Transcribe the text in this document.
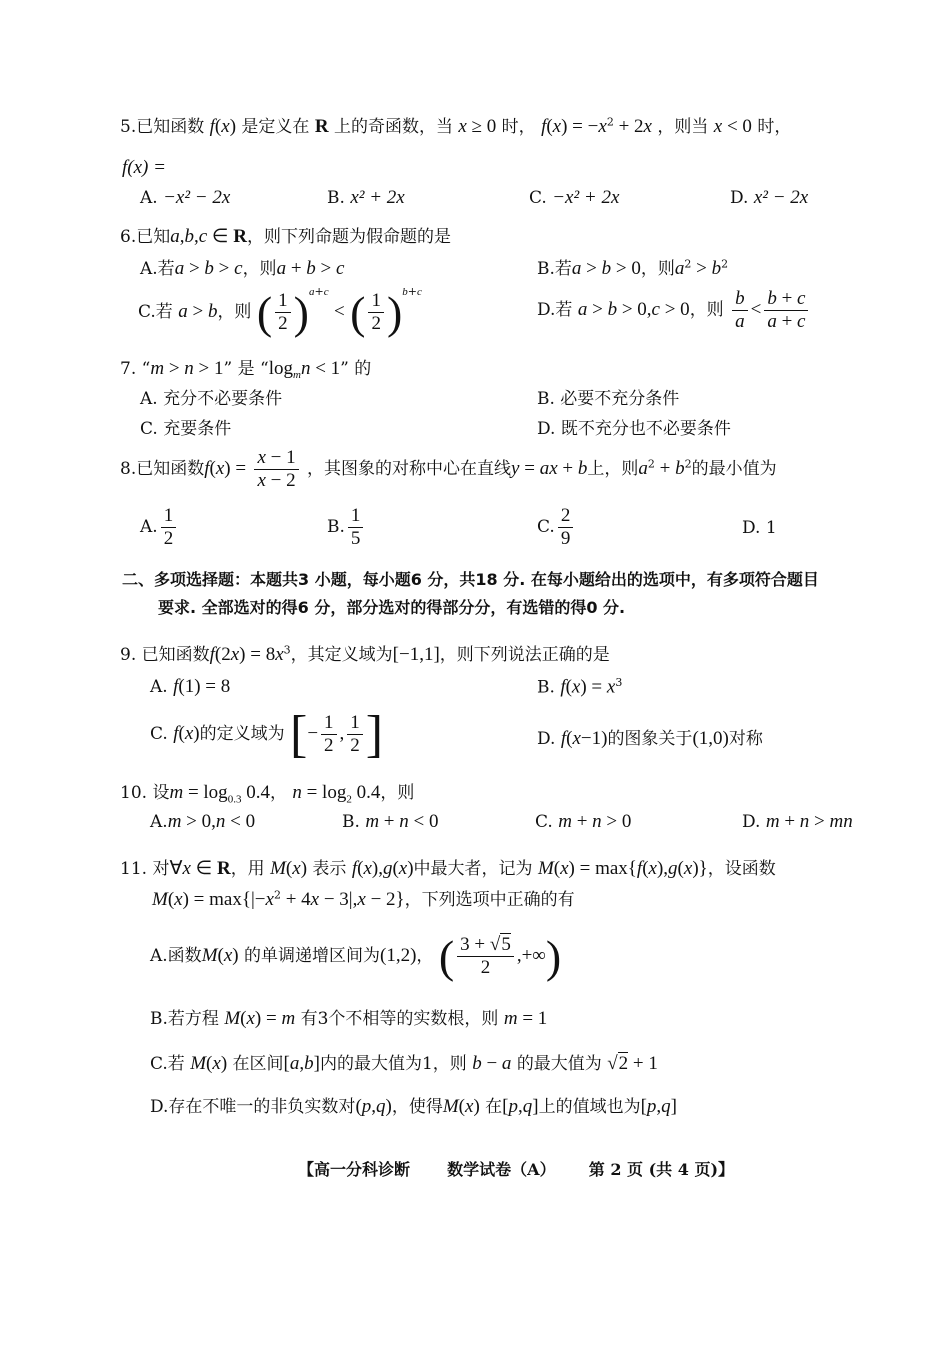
5.已知函数 f(x) 是定义在 R 上的奇函数，当 x ≥ 0 时， $f(x) = -x^2 + 2x$ ，则当 x < 0 时，
f(x) =
A. −x² − 2x	B. x² + 2x	C. −x² + 2x	D. x² − 2x
6.已知a,b,c ∈ R，则下列命题为假命题的是
A.若a > b > c，则a + b > c	B.若a > b > 0，则$a^2 > b^2$
C.若 a > b，则 ( $\frac{1}{2} )^{a+c}$ < ( $\frac{1}{2} )^{b+c}$
D.若 a > b > 0,c > 0，则 $\frac{b}{a} < \frac{b + c}{a + c}$
7. “m > n > 1” 是 “$\log_mn < 1$” 的
A. 充分不必要条件	B. 必要不充分条件
C. 充要条件	D. 既不充分也不必要条件
8.已知函数$f(x) = \frac{x - 1}{x - 2}$ ，其图象的对称中心在直线y = ax + b上，则$a^2 + b^2$的最小值为
A. $\frac{1}{2}$	B. $\frac{1}{5}$	C. $\frac{2}{9}$	D. 1
二、多项选择题：本题共3 小题，每小题6 分，共18 分. 在每小题给出的选项中，有多项符合题目
要求. 全部选对的得6 分，部分选对的得部分分，有选错的得0 分.
9. 已知函数$f(2x) = 8x^3$，其定义域为[−1,1]，则下列说法正确的是
A. f(1) = 8	B. $f(x) = x^3$
C. f(x)的定义域为 [− $\frac{1}{2}$ , $\frac{1}{2}$ ]	D. f(x−1)的图象关于(1,0)对称
10. 设$m = \log_{0.3} 0.4$， $n = \log_2 0.4$，则
A.m > 0,n < 0	B. m + n < 0	C. m + n > 0	D. m + n > mn
11. 对∀x ∈ R，用 M(x) 表示 f(x),g(x)中最大者，记为 M(x) = max{f(x),g(x)}，设函数
$M(x) = \max\{|-x^2 + 4x - 3|,x - 2\}$，下列选项中正确的有
A.函数M(x) 的单调递增区间为(1,2)， ( $\frac{3 + √5}{2}$ ,+∞)
B.若方程 M(x) = m 有3个不相等的实数根，则 m = 1
C.若 M(x) 在区间[a,b]内的最大值为1，则 b − a 的最大值为 √2 + 1
D.存在不唯一的非负实数对(p,q)，使得M(x) 在[p,q]上的值域也为[p,q]
【高一分科诊断 数学试卷（A） 第 2 页 (共 4 页)】
